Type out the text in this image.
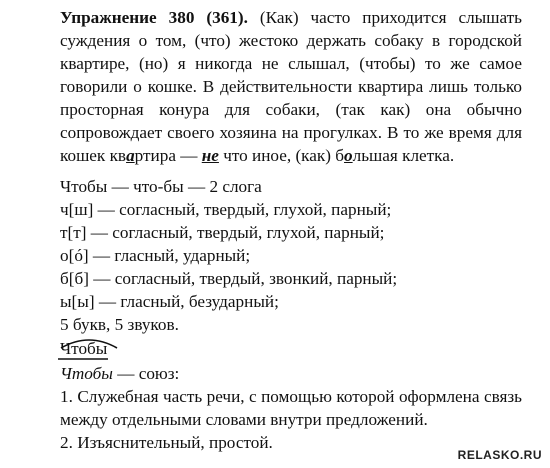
Упражнение 380 (361). (Как) часто приходится слышать суждения о том, (что) жестоко держать собаку в городской квартире, (но) я никогда не слышал, (чтобы) то же самое говорили о кошке. В действительности квартира лишь только просторная конура для собаки, (так как) она обычно сопровождает своего хозяина на прогулках. В то же время для кошек квартира — не что иное, (как) большая клетка.
Чтобы — что-бы — 2 слога
ч[ш] — согласный, твердый, глухой, парный;
т[т] — согласный, твердый, глухой, парный;
о[ó] — гласный, ударный;
б[б] — согласный, твердый, звонкий, парный;
ы[ы] — гласный, безударный;
5 букв, 5 звуков.
Чтобы
Чтобы — союз:
1. Служебная часть речи, с помощью которой оформлена связь между отдельными словами внутри предложений.
2. Изъяснительный, простой.
RELASKO.RU
